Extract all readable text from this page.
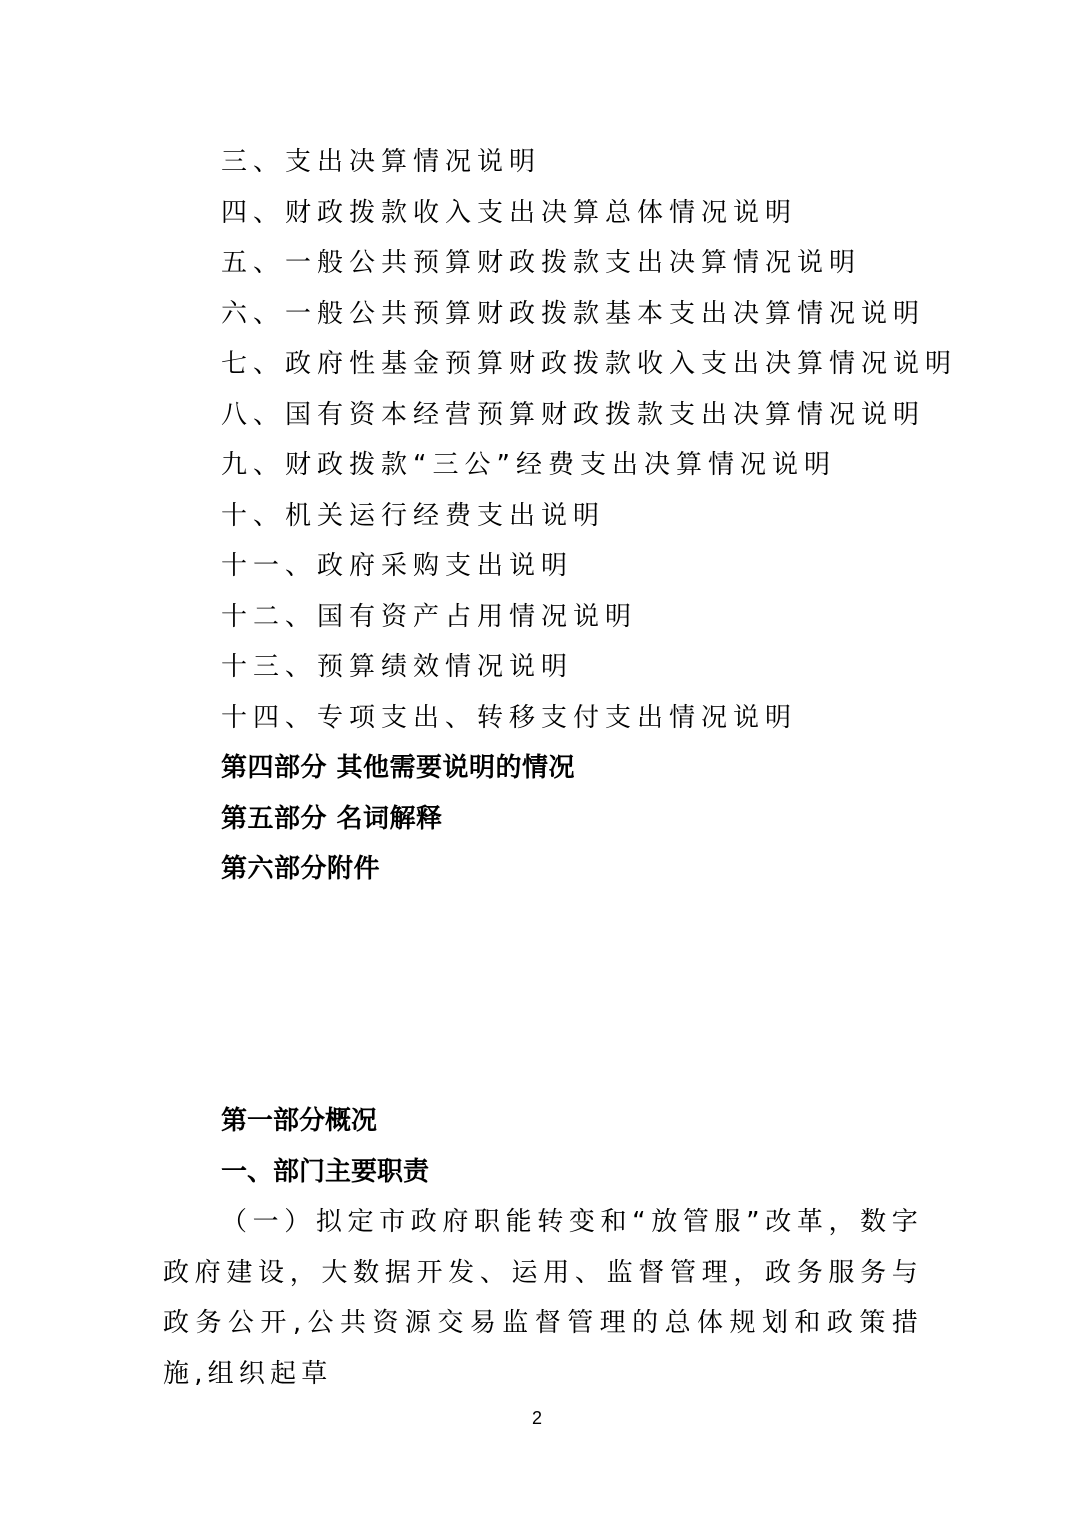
三、支出决算情况说明
四、财政拨款收入支出决算总体情况说明
五、一般公共预算财政拨款支出决算情况说明
六、一般公共预算财政拨款基本支出决算情况说明
七、政府性基金预算财政拨款收入支出决算情况说明
八、国有资本经营预算财政拨款支出决算情况说明
九、财政拨款“三公”经费支出决算情况说明
十、机关运行经费支出说明
十一、政府采购支出说明
十二、国有资产占用情况说明
十三、预算绩效情况说明
十四、专项支出、转移支付支出情况说明
第四部分 其他需要说明的情况
第五部分 名词解释
第六部分附件
第一部分概况
一、部门主要职责

（一）拟定市政府职能转变和“放管服”改革，数字政府建设，大数据开发、运用、监督管理，政务服务与政务公开,公共资源交易监督管理的总体规划和政策措施,组织起草

2
